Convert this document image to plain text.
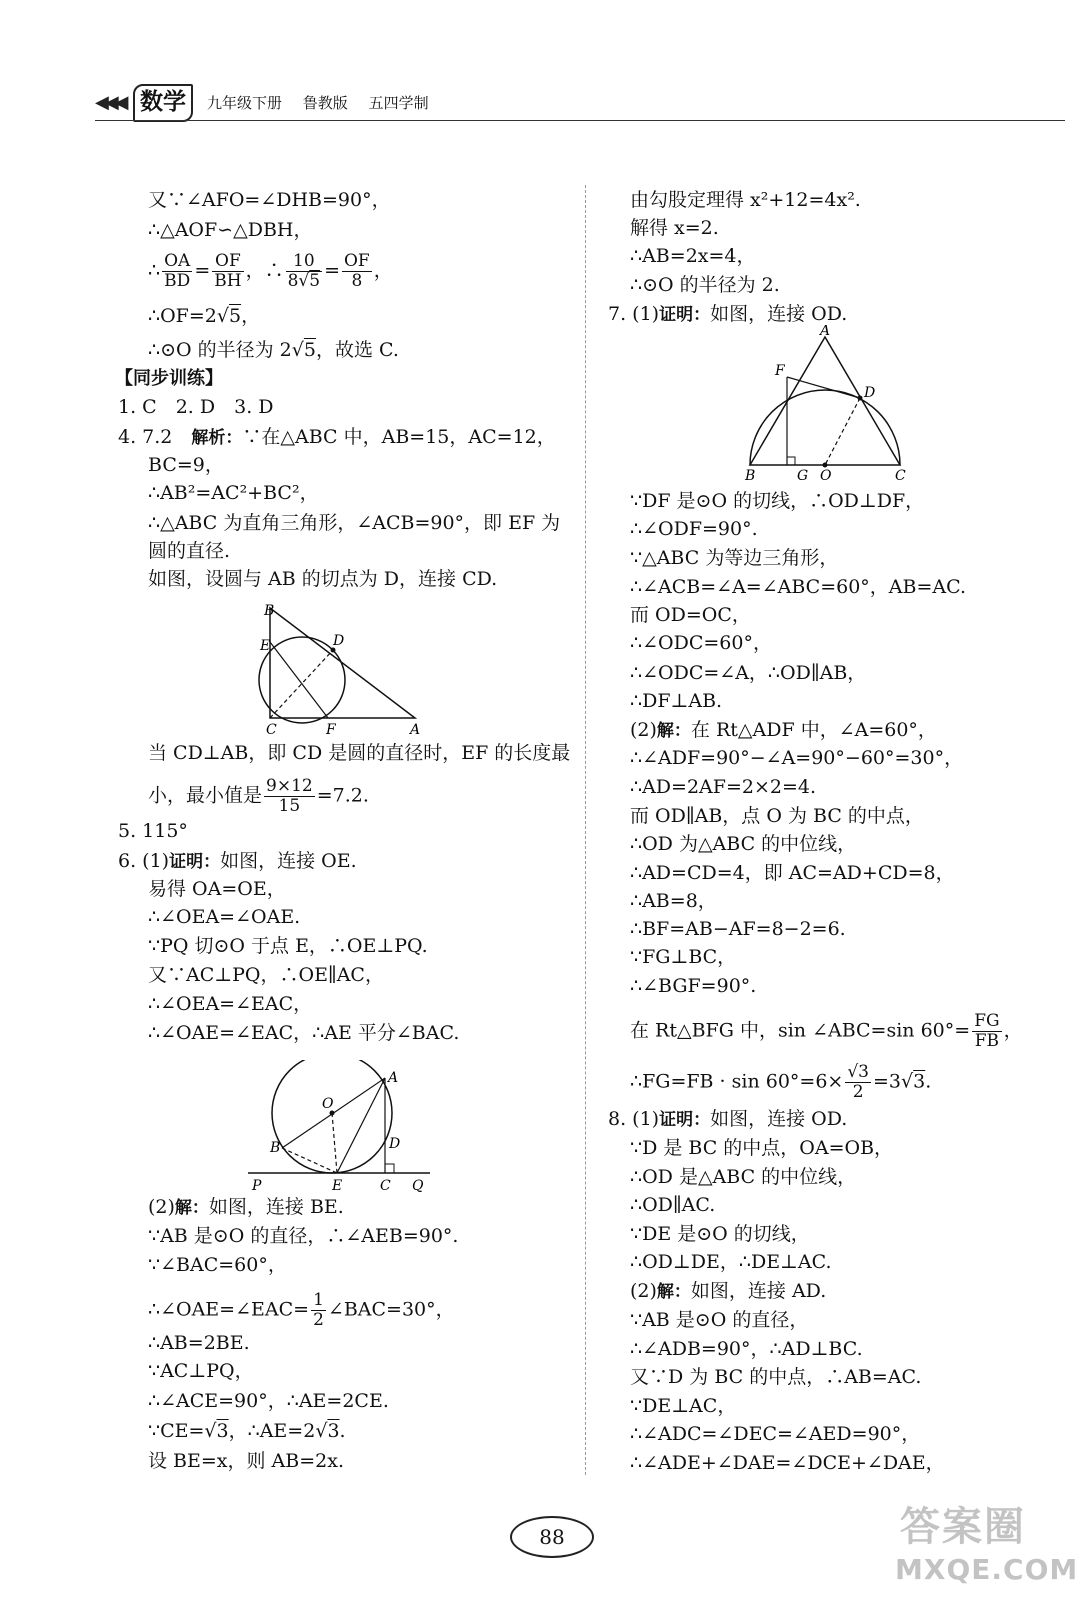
◀◀◀ 数学	九年级下册 鲁教版 五四学制
又∵∠AFO=∠DHB=90°，
∴△AOF∽△DBH，
∴ $\frac{OA}{BD} = \frac{OF}{BH}$ ，∴ $\frac{10}{8√5} = \frac{OF}{8}$ ，
∴OF=2√5，
∴⊙O 的半径为 2√5，故选 C.
【同步训练】
1. C　2. D　3. D
4. 7.2　解析：∵在△ABC 中，AB=15，AC=12，
BC=9，
∴AB²=AC²+BC²，
∴△ABC 为直角三角形，∠ACB=90°，即 EF 为
圆的直径.
如图，设圆与 AB 的切点为 D，连接 CD.
B
E	D
C	F	A
当 CD⊥AB，即 CD 是圆的直径时，EF 的长度最
小，最小值是 $\frac{9\times 12}{15} =7.2$.
5. 115°
6. (1)证明：如图，连接 OE.
易得 OA=OE，
∴∠OEA=∠OAE.
∵PQ 切⊙O 于点 E，∴OE⊥PQ.
又∵AC⊥PQ，∴OE∥AC，
∴∠OEA=∠EAC，
∴∠OAE=∠EAC，∴AE 平分∠BAC.
A
O
B	D
P	E	C Q
(2)解：如图，连接 BE.
∵AB 是⊙O 的直径，∴∠AEB=90°.
∵∠BAC=60°，
∴∠OAE=∠EAC= $\frac{1}{2}$ ∠BAC=30°，
∴AB=2BE.
∵AC⊥PQ，
∴∠ACE=90°，∴AE=2CE.
∵CE=√3，∴AE=2√3.
设 BE=x，则 AB=2x.
由勾股定理得 x²+12=4x².
解得 x=2.
∴AB=2x=4，
∴⊙O 的半径为 2.
7. (1)证明：如图，连接 OD.
A
F
D
B	G O	C
∵DF 是⊙O 的切线，∴OD⊥DF，
∴∠ODF=90°.
∵△ABC 为等边三角形，
∴∠ACB=∠A=∠ABC=60°，AB=AC.
而 OD=OC，
∴∠ODC=60°，
∴∠ODC=∠A，∴OD∥AB，
∴DF⊥AB.
(2)解：在 Rt△ADF 中，∠A=60°，
∴∠ADF=90°−∠A=90°−60°=30°，
∴AD=2AF=2×2=4.
而 OD∥AB，点 O 为 BC 的中点，
∴OD 为△ABC 的中位线，
∴AD=CD=4，即 AC=AD+CD=8，
∴AB=8，
∴BF=AB−AF=8−2=6.
∵FG⊥BC，
∴∠BGF=90°.
在 Rt△BFG 中，sin ∠ABC=sin $60^\circ= \frac{FG}{FB}$ ，
∴FG=FB · $\sin 60^\circ=6\times \frac{√3}{2} =3√3$.
8. (1)证明：如图，连接 OD.
∵D 是 BC 的中点，OA=OB，
∴OD 是△ABC 的中位线，
∴OD∥AC.
∵DE 是⊙O 的切线，
∴OD⊥DE，∴DE⊥AC.
(2)解：如图，连接 AD.
∵AB 是⊙O 的直径，
∴∠ADB=90°，∴AD⊥BC.
又∵D 为 BC 的中点，∴AB=AC.
∵DE⊥AC，
∴∠ADC=∠DEC=∠AED=90°，
∴∠ADE+∠DAE=∠DCE+∠DAE，
88	答案圈
MXQE.COM
